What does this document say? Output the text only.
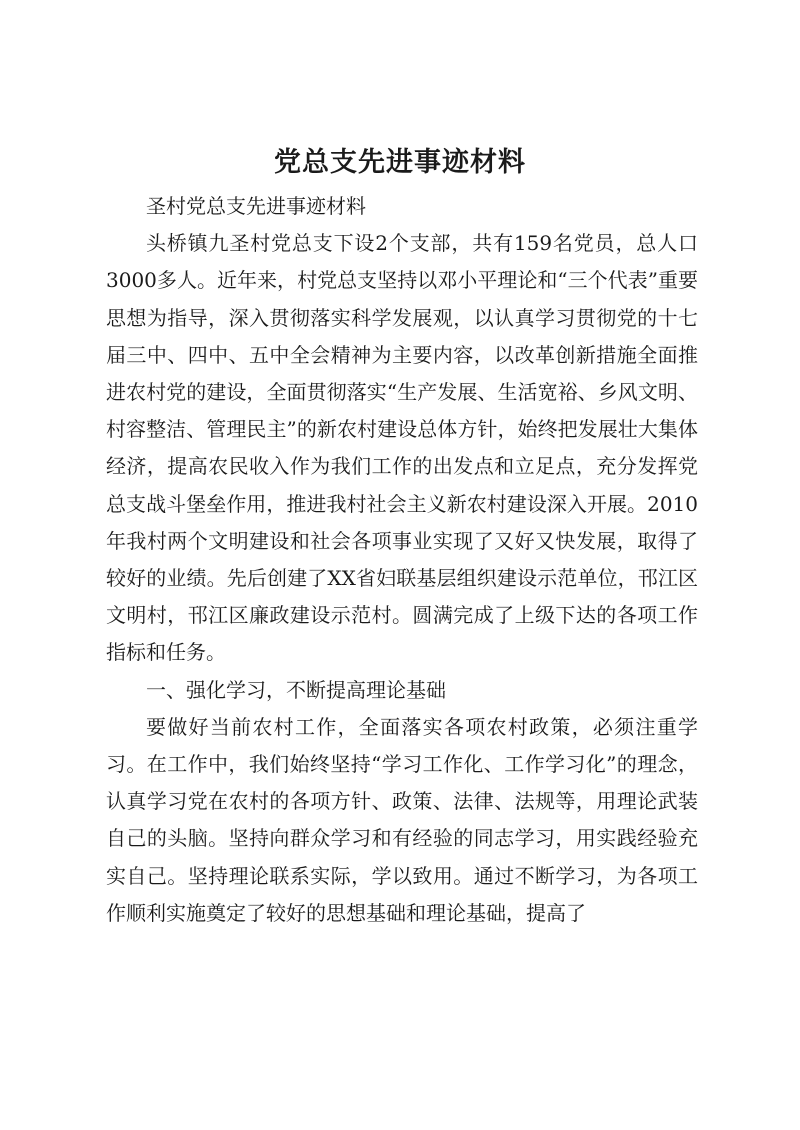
党总支先进事迹材料

圣村党总支先进事迹材料

头桥镇九圣村党总支下设2个支部，共有159名党员，总人口3000多人。近年来，村党总支坚持以邓小平理论和“三个代表”重要思想为指导，深入贯彻落实科学发展观，以认真学习贯彻党的十七届三中、四中、五中全会精神为主要内容，以改革创新措施全面推进农村党的建设，全面贯彻落实“生产发展、生活宽裕、乡风文明、村容整洁、管理民主”的新农村建设总体方针，始终把发展壮大集体经济，提高农民收入作为我们工作的出发点和立足点，充分发挥党总支战斗堡垒作用，推进我村社会主义新农村建设深入开展。2010年我村两个文明建设和社会各项事业实现了又好又快发展，取得了较好的业绩。先后创建了XX省妇联基层组织建设示范单位，邗江区文明村，邗江区廉政建设示范村。圆满完成了上级下达的各项工作指标和任务。

一、强化学习，不断提高理论基础

要做好当前农村工作，全面落实各项农村政策，必须注重学习。在工作中，我们始终坚持“学习工作化、工作学习化”的理念，认真学习党在农村的各项方针、政策、法律、法规等，用理论武装自己的头脑。坚持向群众学习和有经验的同志学习，用实践经验充实自己。坚持理论联系实际，学以致用。通过不断学习，为各项工作顺利实施奠定了较好的思想基础和理论基础，提高了
